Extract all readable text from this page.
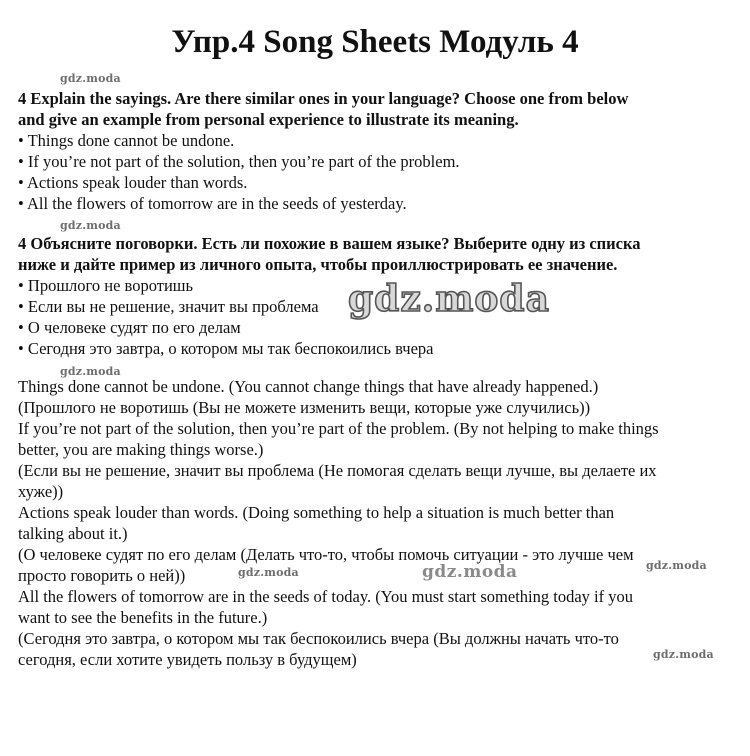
Упр.4 Song Sheets Модуль 4
gdz.moda
gdz.moda
gdz.moda
gdz.moda
gdz.moda
gdz.moda	gdz.moda
4 Explain the sayings. Are there similar ones in your language? Choose one from below
and give an example from personal experience to illustrate its meaning.
• Things done cannot be undone.
• If you’re not part of the solution, then you’re part of the problem.
• Actions speak louder than words.
• All the flowers of tomorrow are in the seeds of yesterday.
4 Объясните поговорки. Есть ли похожие в вашем языке? Выберите одну из списка
ниже и дайте пример из личного опыта, чтобы проиллюстрировать ее значение.
• Прошлого не воротишь
• Если вы не решение, значит вы проблема
• О человеке судят по его делам
• Сегодня это завтра, о котором мы так беспокоились вчера
gdz.moda
Things done cannot be undone. (You cannot change things that have already happened.)
(Прошлого не воротишь (Вы не можете изменить вещи, которые уже случились))
If you’re not part of the solution, then you’re part of the problem. (By not helping to make things
better, you are making things worse.)
(Если вы не решение, значит вы проблема (Не помогая сделать вещи лучше, вы делаете их
хуже))
Actions speak louder than words. (Doing something to help a situation is much better than
talking about it.)
(О человеке судят по его делам (Делать что-то, чтобы помочь ситуации - это лучше чем
просто говорить о ней))
All the flowers of tomorrow are in the seeds of today. (You must start something today if you
want to see the benefits in the future.)
(Сегодня это завтра, о котором мы так беспокоились вчера (Вы должны начать что-то
сегодня, если хотите увидеть пользу в будущем)
